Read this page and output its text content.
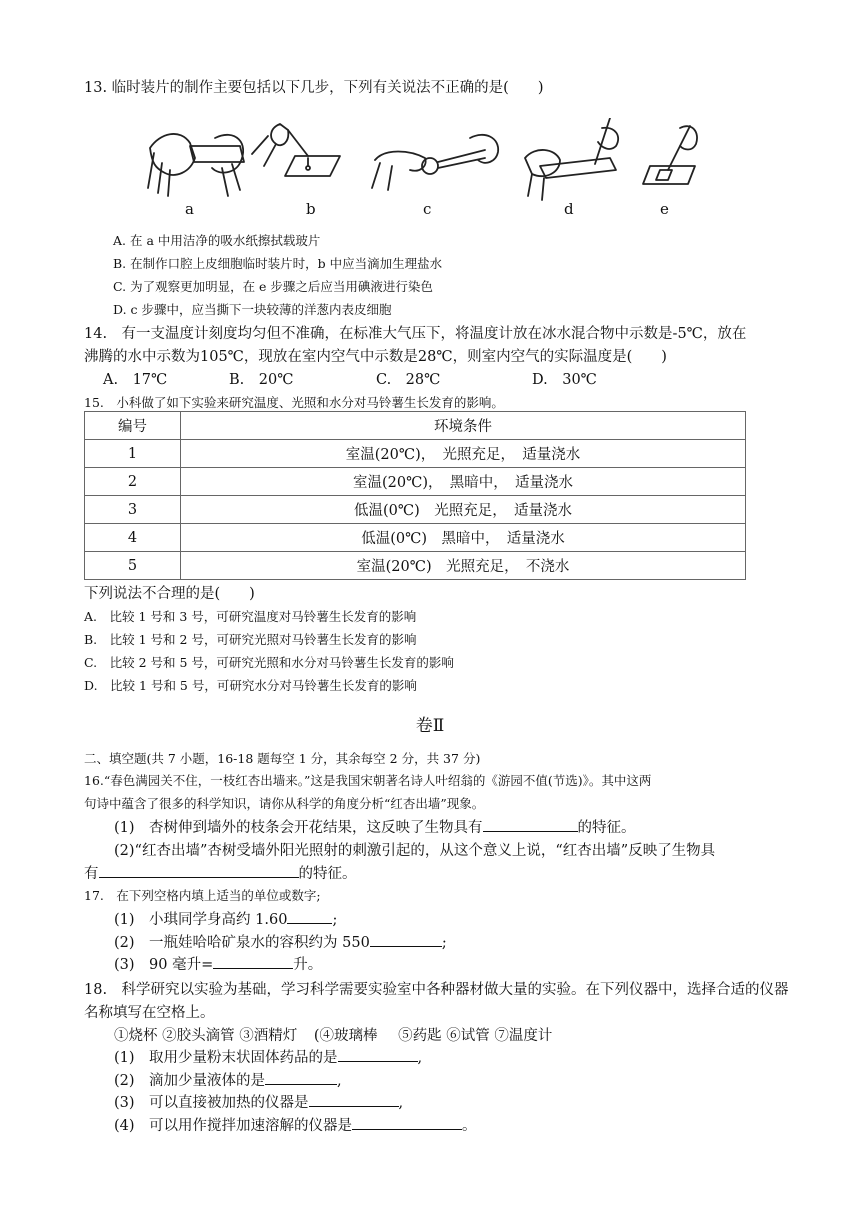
13. 临时装片的制作主要包括以下几步，下列有关说法不正确的是(　　)
a	b	c	d	e
A. 在 a 中用洁净的吸水纸擦拭载玻片
B. 在制作口腔上皮细胞临时装片时，b 中应当滴加生理盐水
C. 为了观察更加明显，在 e 步骤之后应当用碘液进行染色
D. c 步骤中，应当撕下一块较薄的洋葱内表皮细胞
14.　有一支温度计刻度均匀但不准确，在标准大气压下，将温度计放在冰水混合物中示数是-5℃，放在
沸腾的水中示数为105℃，现放在室内空气中示数是28℃，则室内空气的实际温度是(　　)
A.　17℃	B.　20℃	C.　28℃	D.　30℃
15.　小科做了如下实验来研究温度、光照和水分对马铃薯生长发育的影响。
编号	环境条件
1	室温(20℃)，　光照充足，　适量浇水
2	室温(20℃)，　黑暗中，　适量浇水
3	低温(0℃)　光照充足，　适量浇水
4	低温(0℃)　黑暗中，　适量浇水
5	室温(20℃)　光照充足，　不浇水
下列说法不合理的是(　　)
A.　比较 1 号和 3 号，可研究温度对马铃薯生长发育的影响
B.　比较 1 号和 2 号，可研究光照对马铃薯生长发育的影响
C.　比较 2 号和 5 号，可研究光照和水分对马铃薯生长发育的影响
D.　比较 1 号和 5 号，可研究水分对马铃薯生长发育的影响
卷Ⅱ
二、填空题(共 7 小题，16-18 题每空 1 分，其余每空 2 分，共 37 分)
16.“春色满园关不住，一枝红杏出墙来。”这是我国宋朝著名诗人叶绍翁的《游园不值(节选)》。其中这两
句诗中蕴含了很多的科学知识，请你从科学的角度分析“红杏出墙”现象。
(1)　杏树伸到墙外的枝条会开花结果，这反映了生物具有	的特征。
(2)“红杏出墙”杏树受墙外阳光照射的刺激引起的，从这个意义上说，“红杏出墙”反映了生物具
有	的特征。
17.　在下列空格内填上适当的单位或数字;
(1)　小琪同学身高约 1.60	;
(2)　一瓶娃哈哈矿泉水的容积约为 550	;
(3)　90 毫升=	升。
18.　科学研究以实验为基础，学习科学需要实验室中各种器材做大量的实验。在下列仪器中，选择合适的仪器
名称填写在空格上。
①烧杯 ②胶头滴管 ③酒精灯 (④玻璃棒 ⑤药匙 ⑥试管 ⑦温度计
(1)　取用少量粉末状固体药品的是	,
(2)　滴加少量液体的是	,
(3)　可以直接被加热的仪器是	,
(4)　可以用作搅拌加速溶解的仪器是	。
